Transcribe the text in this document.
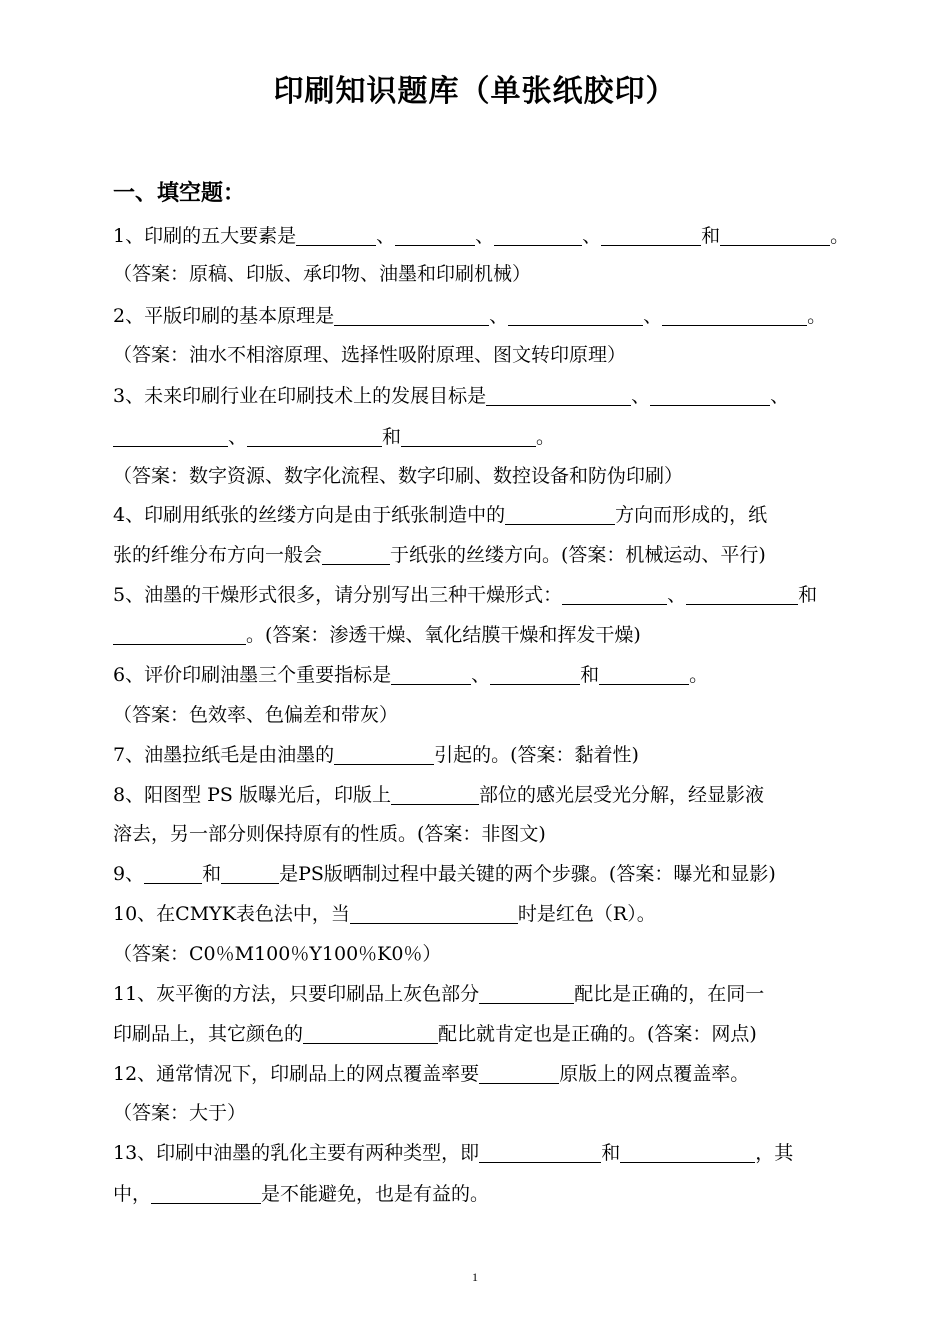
印刷知识题库（单张纸胶印）
一、填空题：
1、印刷的五大要素是	、	、	、	和	。
（答案：原稿、印版、承印物、油墨和印刷机械）
2、平版印刷的基本原理是	、	、	。
（答案：油水不相溶原理、选择性吸附原理、图文转印原理）
3、未来印刷行业在印刷技术上的发展目标是	、	、
、	和	。
（答案：数字资源、数字化流程、数字印刷、数控设备和防伪印刷）
4、印刷用纸张的丝缕方向是由于纸张制造中的	方向而形成的，纸
张的纤维分布方向一般会	于纸张的丝缕方向。(答案：机械运动、平行)
5、油墨的干燥形式很多，请分别写出三种干燥形式：	、	和
。(答案：渗透干燥、氧化结膜干燥和挥发干燥)
6、评价印刷油墨三个重要指标是	、	和	。
（答案：色效率、色偏差和带灰）
7、油墨拉纸毛是由油墨的	引起的。(答案：黏着性)
8、阳图型 PS 版曝光后，印版上	部位的感光层受光分解，经显影液
溶去，另一部分则保持原有的性质。(答案：非图文)
9、	和	是PS版晒制过程中最关键的两个步骤。(答案：曝光和显影)
10、在CMYK表色法中，当	时是红色（R）。
（答案：C0％M100％Y100％K0％）
11、灰平衡的方法，只要印刷品上灰色部分	配比是正确的，在同一
印刷品上，其它颜色的	配比就肯定也是正确的。(答案：网点)
12、通常情况下，印刷品上的网点覆盖率要	原版上的网点覆盖率。
（答案：大于）
13、印刷中油墨的乳化主要有两种类型，即	和	，其
中，	是不能避免，也是有益的。
1
